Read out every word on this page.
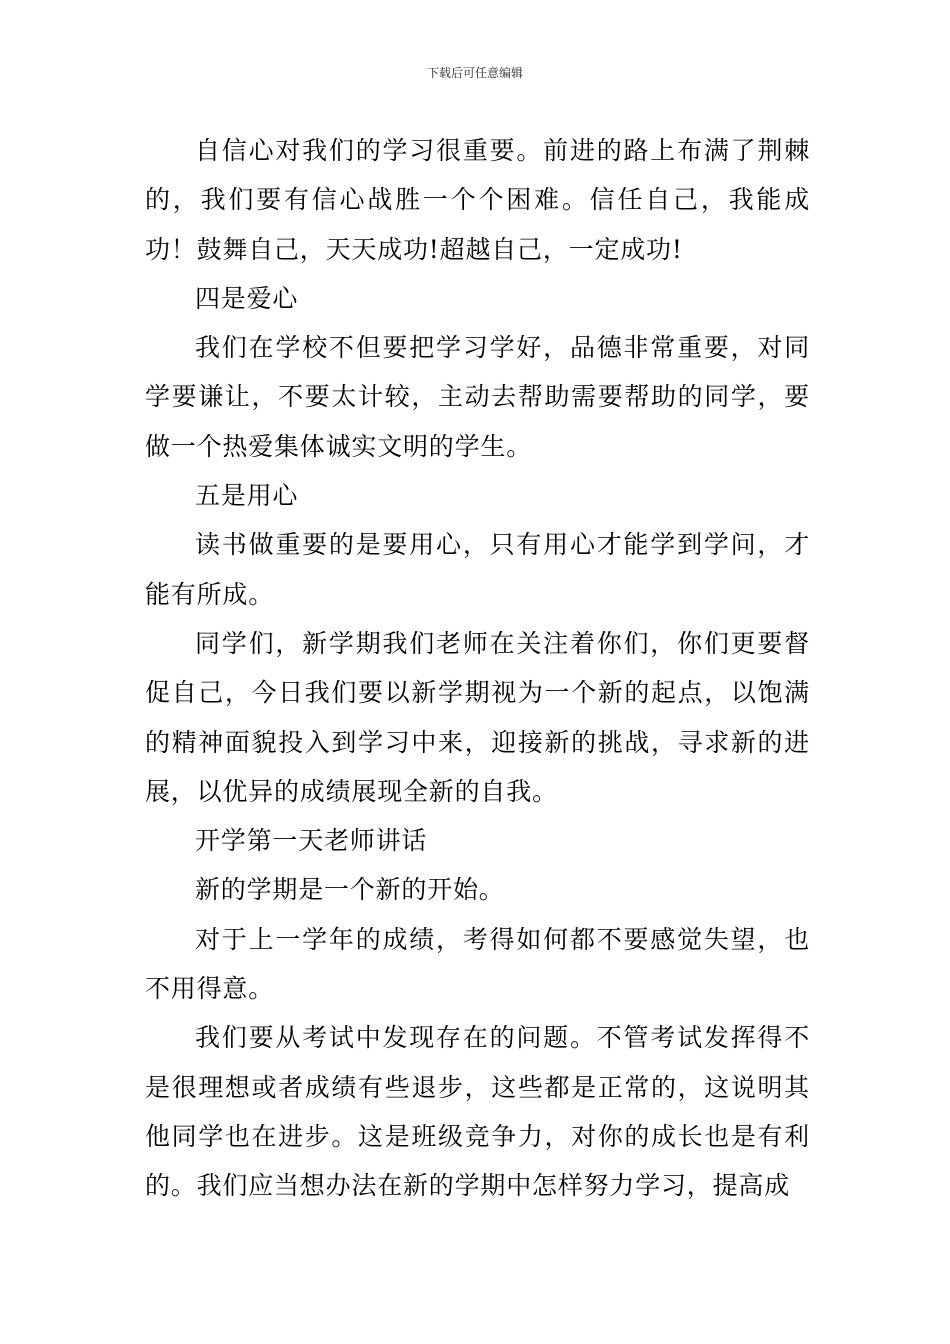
下载后可任意编辑

自信心对我们的学习很重要。前进的路上布满了荆棘的，我们要有信心战胜一个个困难。信任自己，我能成功！鼓舞自己，天天成功!超越自己，一定成功!

四是爱心

我们在学校不但要把学习学好，品德非常重要，对同学要谦让，不要太计较，主动去帮助需要帮助的同学，要做一个热爱集体诚实文明的学生。

五是用心

读书做重要的是要用心，只有用心才能学到学问，才能有所成。

同学们，新学期我们老师在关注着你们，你们更要督促自己，今日我们要以新学期视为一个新的起点，以饱满的精神面貌投入到学习中来，迎接新的挑战，寻求新的进展，以优异的成绩展现全新的自我。

开学第一天老师讲话

新的学期是一个新的开始。

对于上一学年的成绩，考得如何都不要感觉失望，也不用得意。

我们要从考试中发现存在的问题。不管考试发挥得不是很理想或者成绩有些退步，这些都是正常的，这说明其他同学也在进步。这是班级竞争力，对你的成长也是有利的。我们应当想办法在新的学期中怎样努力学习，提高成
